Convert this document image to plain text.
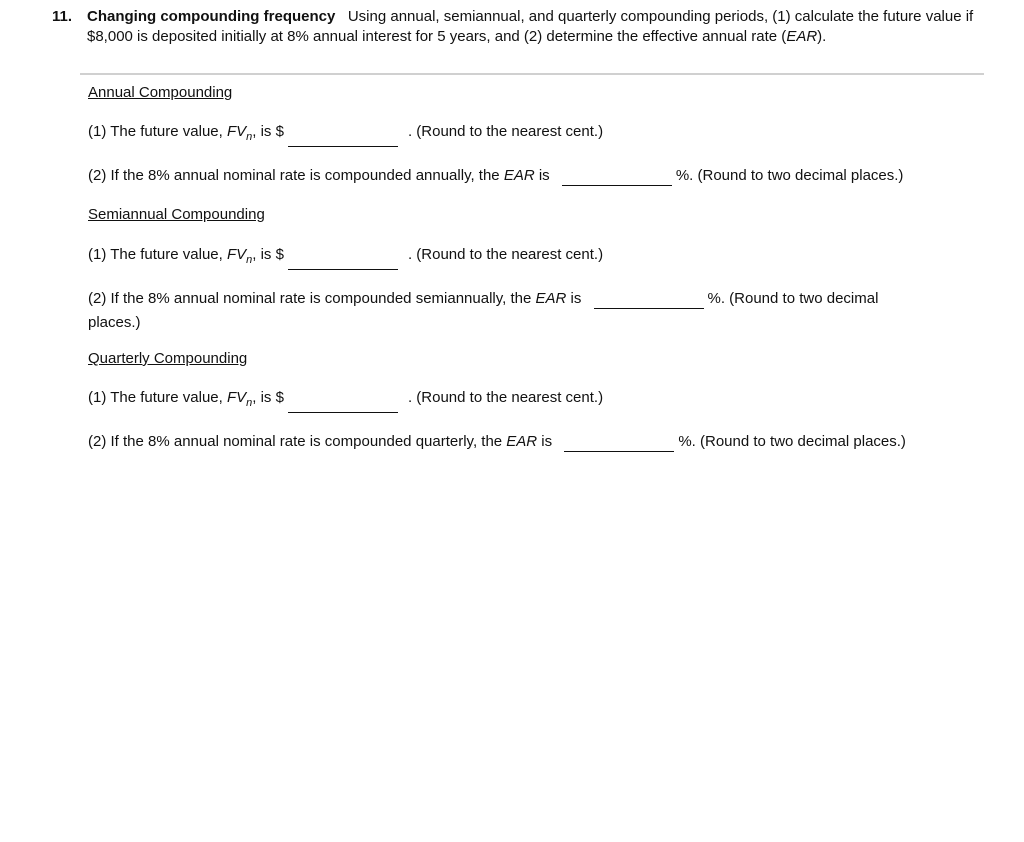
11. Changing compounding frequency Using annual, semiannual, and quarterly compounding periods, (1) calculate the future value if $8,000 is deposited initially at 8% annual interest for 5 years, and (2) determine the effective annual rate (EAR).
Annual Compounding
(1) The future value, $FV_n$, is $	. (Round to the nearest cent.)
(2) If the 8% annual nominal rate is compounded annually, the EAR is	%. (Round to two decimal places.)
Semiannual Compounding
(1) The future value, $FV_n$, is $	. (Round to the nearest cent.)
(2) If the 8% annual nominal rate is compounded semiannually, the EAR is	%. (Round to two decimal
places.)
Quarterly Compounding
(1) The future value, $FV_n$, is $	. (Round to the nearest cent.)
(2) If the 8% annual nominal rate is compounded quarterly, the EAR is	%. (Round to two decimal places.)
